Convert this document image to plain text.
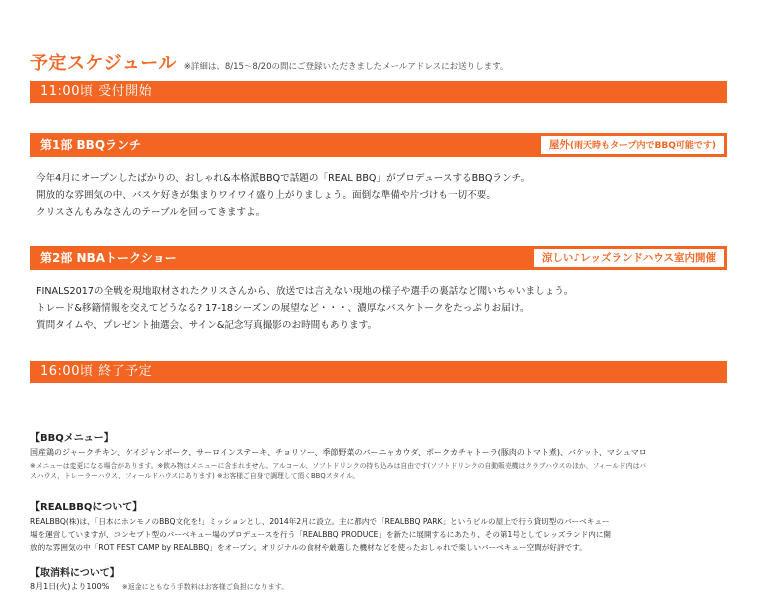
予定スケジュール ※詳細は、8/15〜8/20の間にご登録いただきましたメールアドレスにお送りします。
11:00頃 受付開始
第1部 BBQランチ	屋外(雨天時もタープ内でBBQ可能です)
今年4月にオープンしたばかりの、おしゃれ&本格派BBQで話題の「REAL BBQ」がプロデュースするBBQランチ。
開放的な雰囲気の中、バスケ好きが集まりワイワイ盛り上がりましょう。面倒な準備や片づけも一切不要。
クリスさんもみなさんのテーブルを回ってきますよ。
第2部 NBAトークショー	涼しい♪レッズランドハウス室内開催
FINALS2017の全戦を現地取材されたクリスさんから、放送では言えない現地の様子や選手の裏話など聞いちゃいましょう。
トレード&移籍情報を交えてどうなる? 17-18シーズンの展望など・・・、濃厚なバスケトークをたっぷりお届け。
質問タイムや、プレゼント抽選会、サイン&記念写真撮影のお時間もあります。
16:00頃 終了予定
【BBQメニュー】
国産鶏のジャークチキン、ケイジャンポーク、サーロインステーキ、チョリソー、季節野菜のバーニャカウダ、ポークカチャトーラ(豚肉のトマト煮)、バケット、マシュマロ
※メニューは変更になる場合があります。※飲み物はメニューに含まれません。アルコール、ソフトドリンクの持ち込みは自由です(ソフトドリンクの自動販売機はクラブハウスのほか、フィールド内はバ
スハウス、トレーラーハウス、フィールドハウスにあります) ※お客様ご自身で調理して頂くBBQスタイル。
【REALBBQについて】
REALBBQ(株)は、「日本にホンモノのBBQ文化を!」ミッションとし、2014年2月に設立。主に都内で「REALBBQ PARK」というビルの屋上で行う貸切型のバーベキュー
場を運営していますが、コンセプト型のバーベキュー場のプロデュースを行う「REALBBQ PRODUCE」を新たに展開するにあたり、その第1号としてレッズランド内に開
放的な雰囲気の中「ROT FEST CAMP by REALBBQ」をオープン。オリジナルの食材や厳選した機材などを使ったおしゃれで楽しいバーベキュー空間が好評です。
【取消料について】
8月1日(火)より100% ※返金にともなう手数料はお客様ご負担になります。
